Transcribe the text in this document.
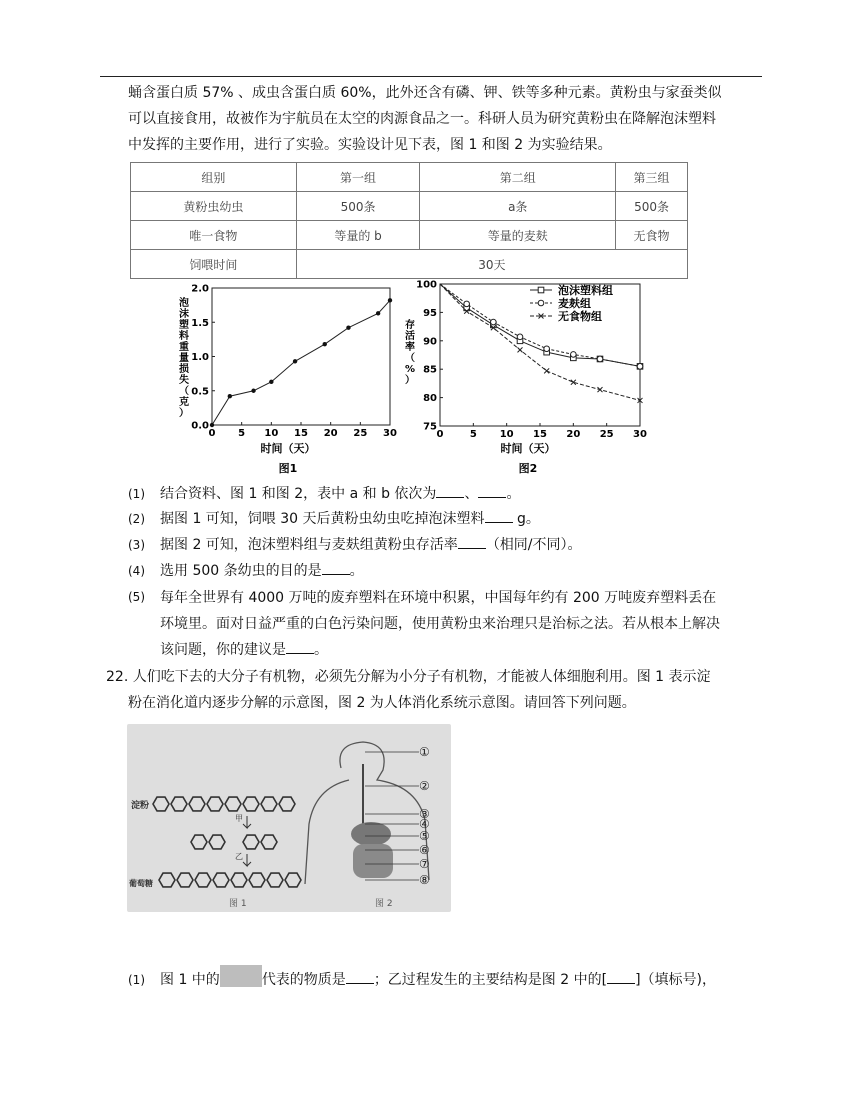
蛹含蛋白质 57% 、成虫含蛋白质 60%，此外还含有磷、钾、铁等多种元素。黄粉虫与家蚕类似
可以直接食用，故被作为宇航员在太空的肉源食品之一。科研人员为研究黄粉虫在降解泡沫塑料
中发挥的主要作用，进行了实验。实验设计见下表，图 1 和图 2 为实验结果。
组别	第一组	第二组	第三组
黄粉虫幼虫	500条	a条	500条
唯一食物	等量的 b	等量的麦麸	无食物
饲喂时间	30天		
0 5 10 15 20 25 30
0.0
0.5
1.0
1.5
2.0
时间（天）
图1
泡
沫
塑
料
重
量
损
失
（
克
）
0	5 10 15 20 25 30
75
80
85
90
95
100	泡沫塑料组
麦麸组
无食物组
时间（天）
图2
存
活
率
（
%
）
(1) 结合资料、图 1 和图 2，表中 a 和 b 依次为 、 。
(2) 据图 1 可知，饲喂 30 天后黄粉虫幼虫吃掉泡沫塑料 g。
(3) 据图 2 可知，泡沫塑料组与麦麸组黄粉虫存活率 （相同/不同）。
(4) 选用 500 条幼虫的目的是 。
(5) 每年全世界有 4000 万吨的废弃塑料在环境中积累，中国每年约有 200 万吨废弃塑料丢在
环境里。面对日益严重的白色污染问题，使用黄粉虫来治理只是治标之法。若从根本上解决
该问题，你的建议是 。
22. 人们吃下去的大分子有机物，必须先分解为小分子有机物，才能被人体细胞利用。图 1 表示淀
粉在消化道内逐步分解的示意图，图 2 为人体消化系统示意图。请回答下列问题。
淀粉
甲
乙
葡萄糖
①
②
③
④
⑤
⑥
⑦
⑧
图 1	图 2
(1) 图 1 中的	代表的物质是 ；乙过程发生的主要结构是图 2 中的[ ]（填标号)，
